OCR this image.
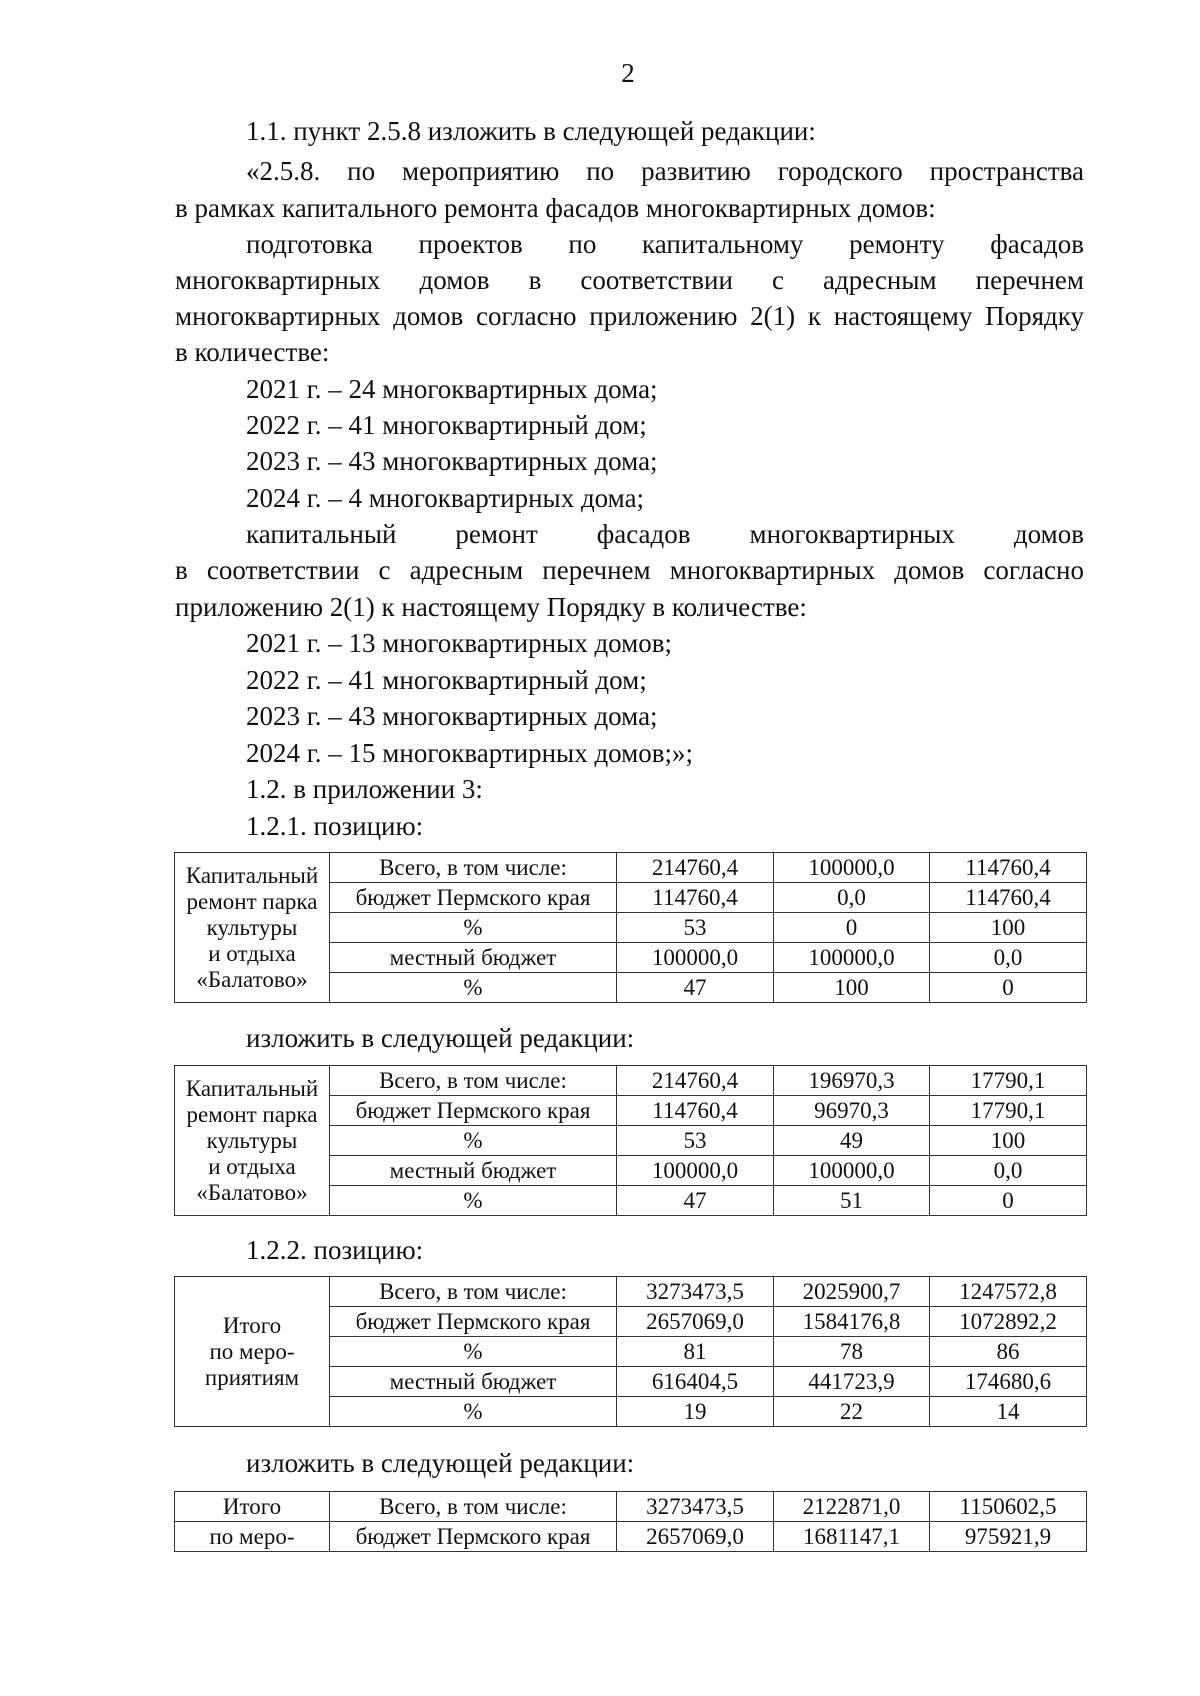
2
1.1. пункт 2.5.8 изложить в следующей редакции:
«2.5.8. по мероприятию по развитию городского пространства
в рамках капитального ремонта фасадов многоквартирных домов:
подготовка проектов по капитальному ремонту фасадов
многоквартирных домов в соответствии с адресным перечнем
многоквартирных домов согласно приложению 2(1) к настоящему Порядку
в количестве:
2021 г. – 24 многоквартирных дома;
2022 г. – 41 многоквартирный дом;
2023 г. – 43 многоквартирных дома;
2024 г. – 4 многоквартирных дома;
капитальный ремонт фасадов многоквартирных домов
в соответствии с адресным перечнем многоквартирных домов согласно
приложению 2(1) к настоящему Порядку в количестве:
2021 г. – 13 многоквартирных домов;
2022 г. – 41 многоквартирный дом;
2023 г. – 43 многоквартирных дома;
2024 г. – 15 многоквартирных домов;»;
1.2. в приложении 3:
1.2.1. позицию:
Капитальный
ремонт парка
культуры
и отдыха
«Балатово»	Всего, в том числе:	214760,4	100000,0	114760,4
	бюджет Пермского края	114760,4	0,0	114760,4
	%	53	0	100
	местный бюджет	100000,0	100000,0	0,0
	%	47	100	0
изложить в следующей редакции:
Капитальный
ремонт парка
культуры
и отдыха
«Балатово»	Всего, в том числе:	214760,4	196970,3	17790,1
	бюджет Пермского края	114760,4	96970,3	17790,1
	%	53	49	100
	местный бюджет	100000,0	100000,0	0,0
	%	47	51	0
1.2.2. позицию:
Итого
по меро-
приятиям	Всего, в том числе:	3273473,5	2025900,7	1247572,8
	бюджет Пермского края	2657069,0	1584176,8	1072892,2
	%	81	78	86
	местный бюджет	616404,5	441723,9	174680,6
	%	19	22	14
изложить в следующей редакции:
Итого	Всего, в том числе:	3273473,5	2122871,0	1150602,5
по меро-	бюджет Пермского края	2657069,0	1681147,1	975921,9
